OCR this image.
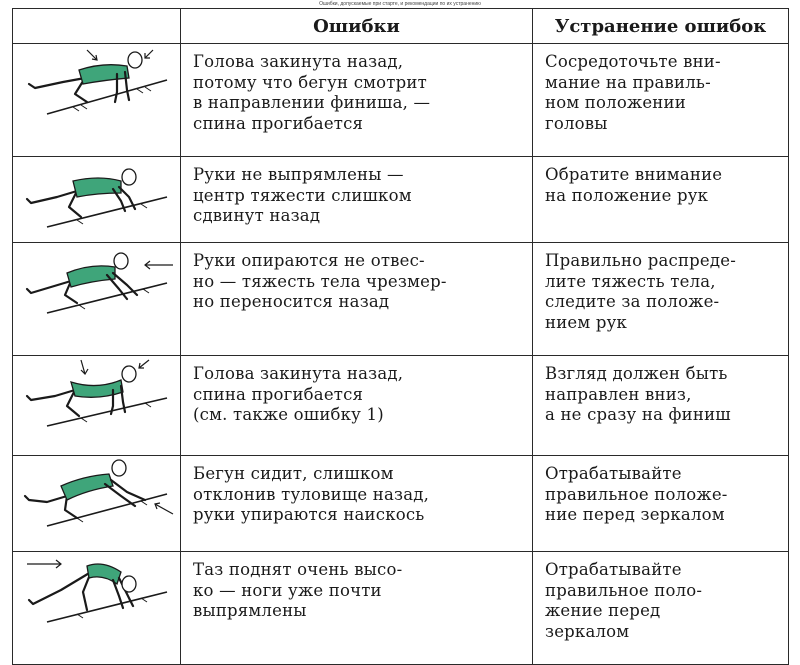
Ошибки, допускаемые при старте, и рекомендации по их устранению
	Ошибки	Устранение ошибок

	Голова закинута назад,
потому что бегун смотрит
в направлении финиша, —
спина прогибается	Сосредоточьте вни-
мание на правиль-
ном положении
головы

	Руки не выпрямлены —
центр тяжести слишком
сдвинут назад	Обратите внимание
на положение рук

	Руки опираются не отвес-
но — тяжесть тела чрезмер-
но переносится назад	Правильно распреде-
лите тяжесть тела,
следите за положе-
нием рук

	Голова закинута назад,
спина прогибается
(см. также ошибку 1)	Взгляд должен быть
направлен вниз,
а не сразу на финиш

	Бегун сидит, слишком
отклонив туловище назад,
руки упираются наискось	Отрабатывайте
правильное положе-
ние перед зеркалом

	Таз поднят очень высо-
ко — ноги уже почти
выпрямлены	Отрабатывайте
правильное поло-
жение перед
зеркалом
